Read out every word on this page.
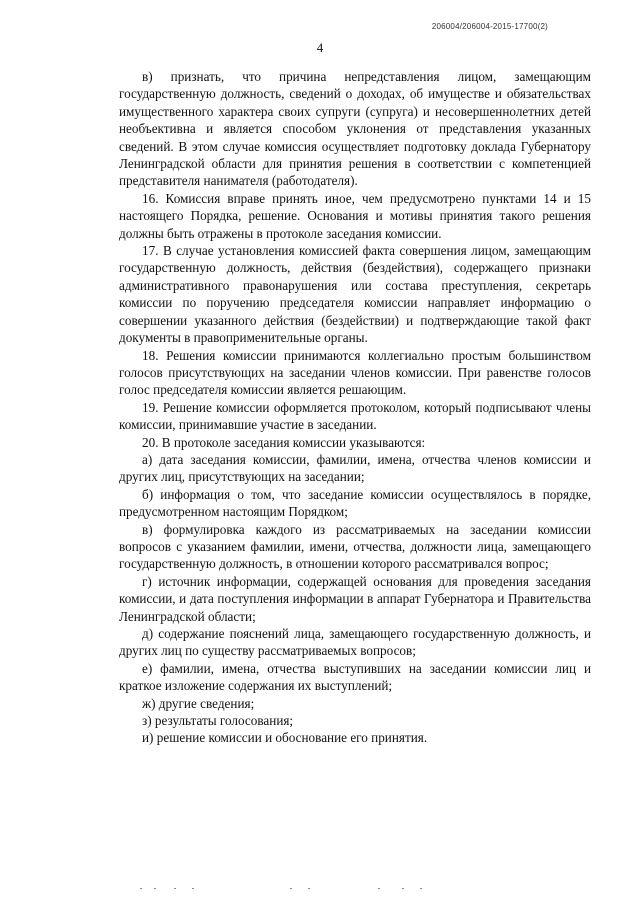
206004/206004-2015-17700(2)
4

в) признать, что причина непредставления лицом, замещающим государственную должность, сведений о доходах, об имуществе и обязательствах имущественного характера своих супруги (супруга) и несовершеннолетних детей необъективна и является способом уклонения от представления указанных сведений. В этом случае комиссия осуществляет подготовку доклада Губернатору Ленинградской области для принятия решения в соответствии с компетенцией представителя нанимателя (работодателя).

16. Комиссия вправе принять иное, чем предусмотрено пунктами 14 и 15 настоящего Порядка, решение. Основания и мотивы принятия такого решения должны быть отражены в протоколе заседания комиссии.

17. В случае установления комиссией факта совершения лицом, замещающим государственную должность, действия (бездействия), содержащего признаки административного правонарушения или состава преступления, секретарь комиссии по поручению председателя комиссии направляет информацию о совершении указанного действия (бездействии) и подтверждающие такой факт документы в правоприменительные органы.

18. Решения комиссии принимаются коллегиально простым большинством голосов присутствующих на заседании членов комиссии. При равенстве голосов голос председателя комиссии является решающим.

19. Решение комиссии оформляется протоколом, который подписывают члены комиссии, принимавшие участие в заседании.

20. В протоколе заседания комиссии указываются:

а) дата заседания комиссии, фамилии, имена, отчества членов комиссии и других лиц, присутствующих на заседании;

б) информация о том, что заседание комиссии осуществлялось в порядке, предусмотренном настоящим Порядком;

в) формулировка каждого из рассматриваемых на заседании комиссии вопросов с указанием фамилии, имени, отчества, должности лица, замещающего государственную должность, в отношении которого рассматривался вопрос;

г) источник информации, содержащей основания для проведения заседания комиссии, и дата поступления информации в аппарат Губернатора и Правительства Ленинградской области;

д) содержание пояснений лица, замещающего государственную должность, и других лиц по существу рассматриваемых вопросов;

е) фамилии, имена, отчества выступивших на заседании комиссии лиц и краткое изложение содержания их выступлений;

ж) другие сведения;

з) результаты голосования;

и) решение комиссии и обоснование его принятия.
